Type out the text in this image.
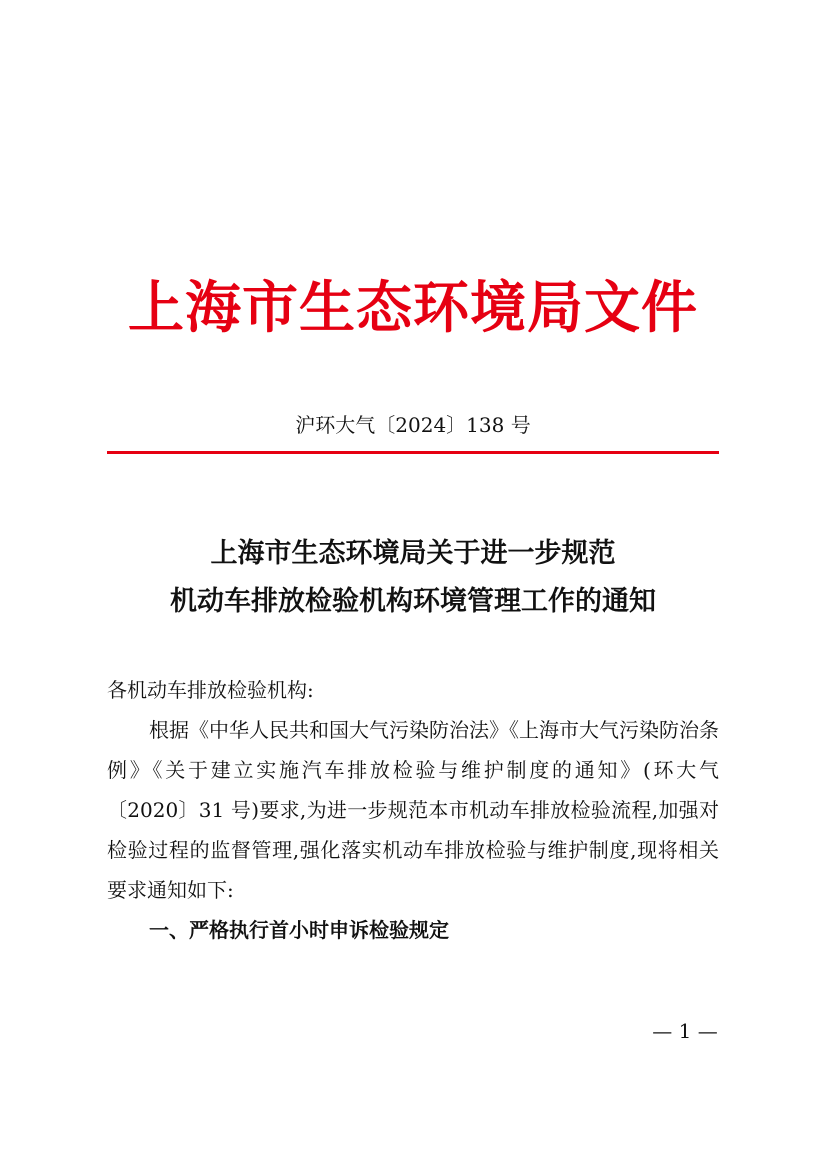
上海市生态环境局文件
沪环大气〔2024〕138 号
上海市生态环境局关于进一步规范
机动车排放检验机构环境管理工作的通知
各机动车排放检验机构:
根据《中华人民共和国大气污染防治法》《上海市大气污染防治条例》《关于建立实施汽车排放检验与维护制度的通知》(环大气〔2020〕31 号)要求,为进一步规范本市机动车排放检验流程,加强对检验过程的监督管理,强化落实机动车排放检验与维护制度,现将相关要求通知如下:
一、严格执行首小时申诉检验规定
— 1 —
